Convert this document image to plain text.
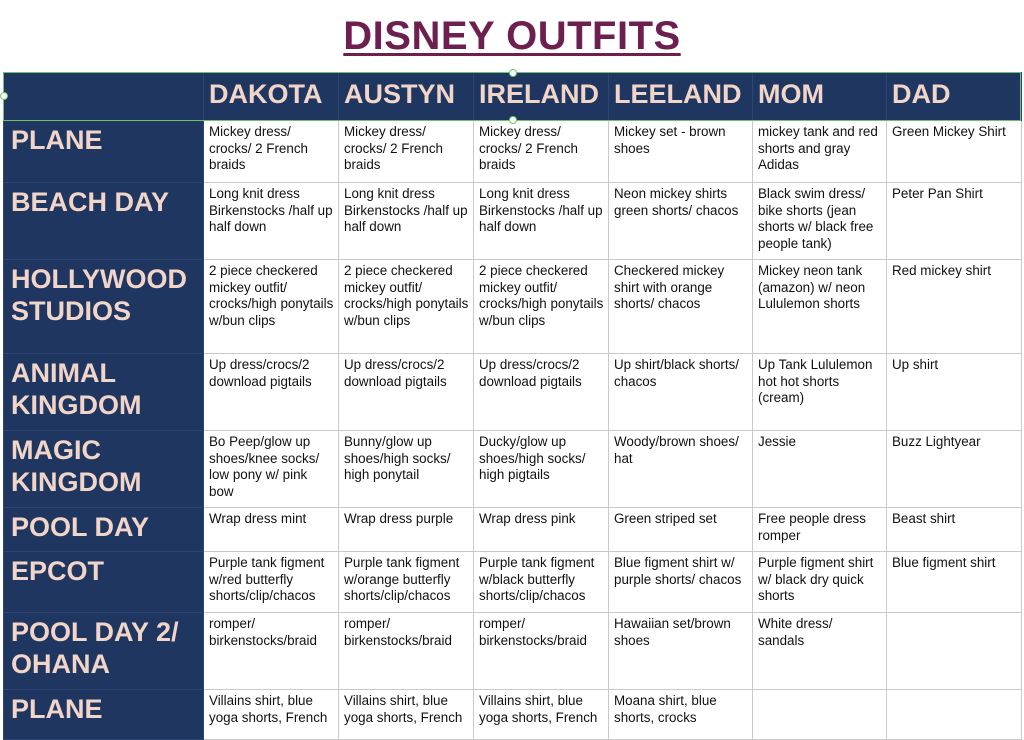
DISNEY OUTFITS
	DAKOTA	AUSTYN	IRELAND	LEELAND	MOM	DAD
PLANE	Mickey dress/ crocks/ 2 French braids	Mickey dress/ crocks/ 2 French braids	Mickey dress/ crocks/ 2 French braids	Mickey set - brown shoes	mickey tank and red shorts and gray Adidas	Green Mickey Shirt
BEACH DAY	Long knit dress Birkenstocks /half up half down	Long knit dress Birkenstocks /half up half down	Long knit dress Birkenstocks /half up half down	Neon mickey shirts green shorts/ chacos	Black swim dress/ bike shorts (jean shorts w/ black free people tank)	Peter Pan Shirt
HOLLYWOOD STUDIOS	2 piece checkered mickey outfit/ crocks/high ponytails w/bun clips	2 piece checkered mickey outfit/ crocks/high ponytails w/bun clips	2 piece checkered mickey outfit/ crocks/high ponytails w/bun clips	Checkered mickey shirt with orange shorts/ chacos	Mickey neon tank (amazon) w/ neon Lululemon shorts	Red mickey shirt
ANIMAL KINGDOM	Up dress/crocs/2 download pigtails	Up dress/crocs/2 download pigtails	Up dress/crocs/2 download pigtails	Up shirt/black shorts/ chacos	Up Tank Lululemon hot hot shorts (cream)	Up shirt
MAGIC KINGDOM	Bo Peep/glow up shoes/knee socks/ low pony w/ pink bow	Bunny/glow up shoes/high socks/ high ponytail	Ducky/glow up shoes/high socks/ high pigtails	Woody/brown shoes/ hat	Jessie	Buzz Lightyear
POOL DAY	Wrap dress mint	Wrap dress purple	Wrap dress pink	Green striped set	Free people dress romper	Beast shirt
EPCOT	Purple tank figment w/red butterfly shorts/clip/chacos	Purple tank figment w/orange butterfly shorts/clip/chacos	Purple tank figment w/black butterfly shorts/clip/chacos	Blue figment shirt w/ purple shorts/ chacos	Purple figment shirt w/ black dry quick shorts	Blue figment shirt
POOL DAY 2/ OHANA	romper/ birkenstocks/braid	romper/ birkenstocks/braid	romper/ birkenstocks/braid	Hawaiian set/brown shoes	White dress/ sandals	
PLANE	Villains shirt, blue yoga shorts, French	Villains shirt, blue yoga shorts, French	Villains shirt, blue yoga shorts, French	Moana shirt, blue shorts, crocks		
